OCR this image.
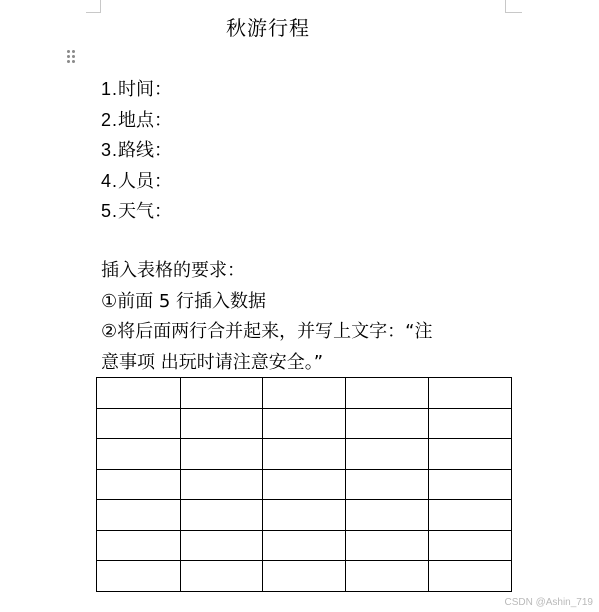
秋游行程
1.时间：
2.地点：
3.路线：
4.人员：
5.天气：
插入表格的要求：
①前面 5 行插入数据
②将后面两行合并起来，并写上文字：“注
意事项 出玩时请注意安全。”

CSDN @Ashin_719
